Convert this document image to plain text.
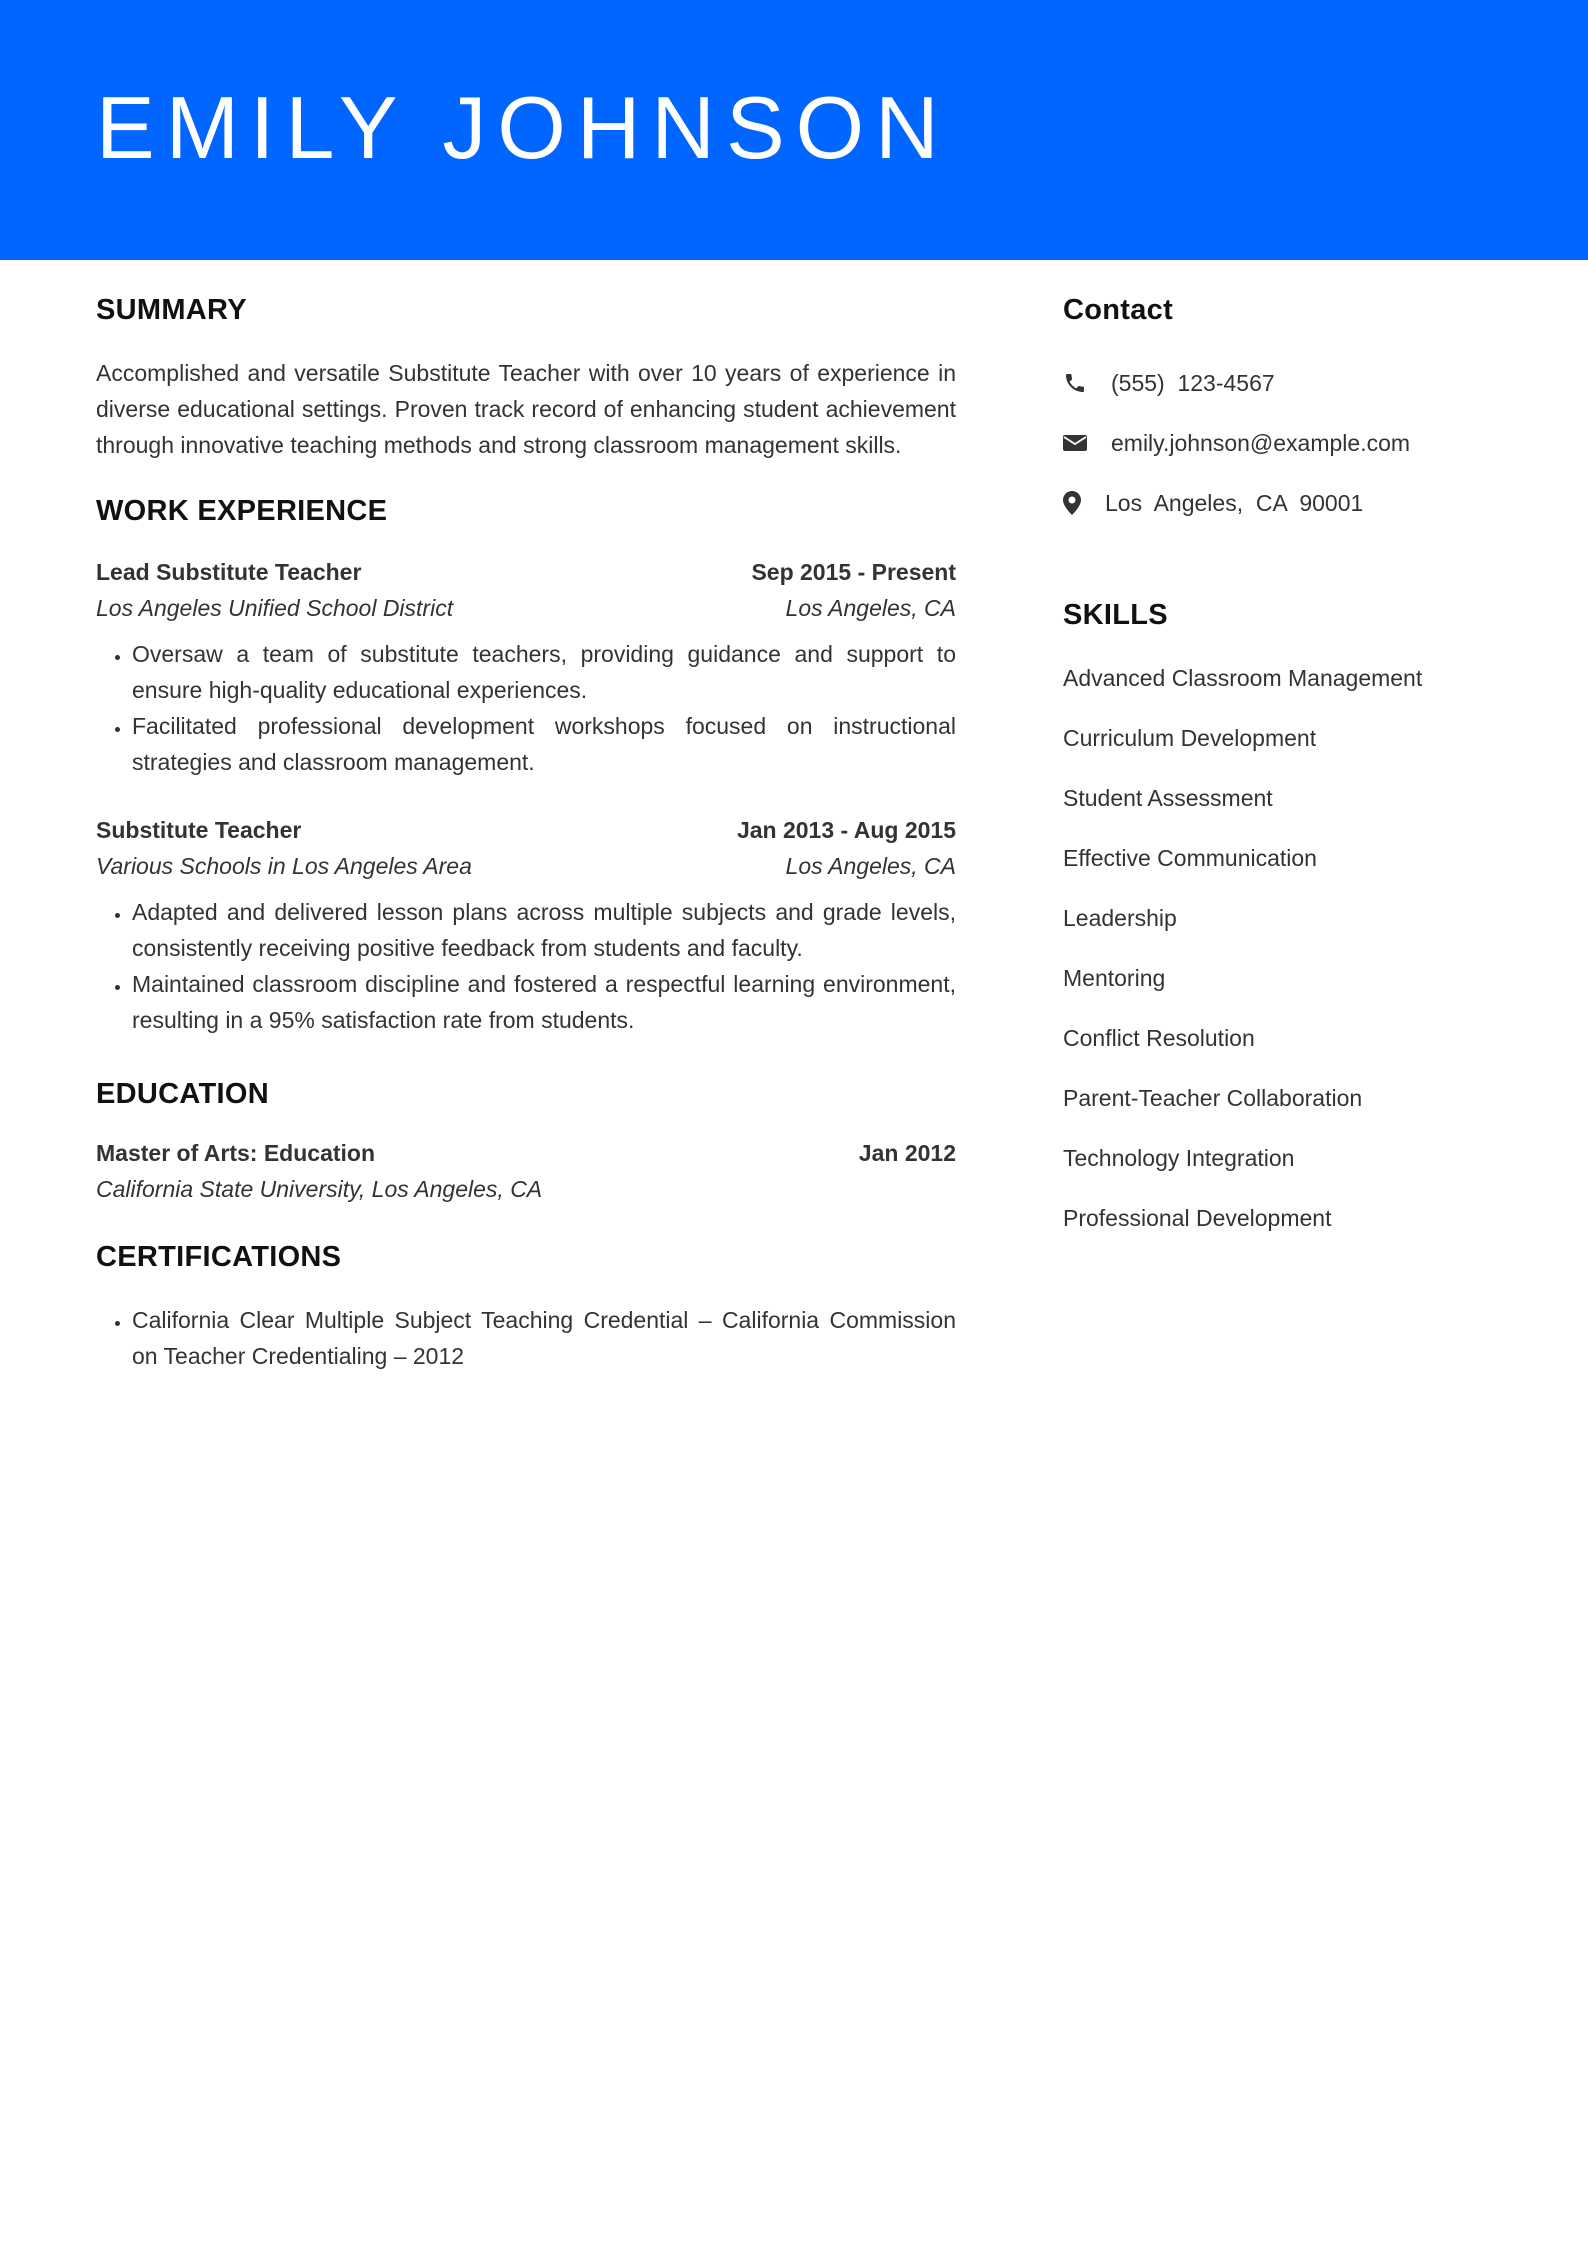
EMILY JOHNSON
SUMMARY

Accomplished and versatile Substitute Teacher with over 10 years of experience in diverse educational settings. Proven track record of enhancing student achievement through innovative teaching methods and strong classroom management skills.

WORK EXPERIENCE
Lead Substitute Teacher	Sep 2015 - Present
Los Angeles Unified School District	Los Angeles, CA
• Oversaw a team of substitute teachers, providing guidance and support to ensure high-quality educational experiences.
• Facilitated professional development workshops focused on instructional strategies and classroom management.
Substitute Teacher	Jan 2013 - Aug 2015
Various Schools in Los Angeles Area	Los Angeles, CA
• Adapted and delivered lesson plans across multiple subjects and grade levels, consistently receiving positive feedback from students and faculty.
• Maintained classroom discipline and fostered a respectful learning environment, resulting in a 95% satisfaction rate from students.
EDUCATION
Master of Arts: Education	Jan 2012
California State University, Los Angeles, CA
CERTIFICATIONS
• California Clear Multiple Subject Teaching Credential – California Commission on Teacher Credentialing – 2012
Contact
(555)  123-4567
emily.johnson@example.com
Los  Angeles,  CA  90001
SKILLS
Advanced Classroom Management
Curriculum Development
Student Assessment
Effective Communication
Leadership
Mentoring
Conflict Resolution
Parent-Teacher Collaboration
Technology Integration
Professional Development
